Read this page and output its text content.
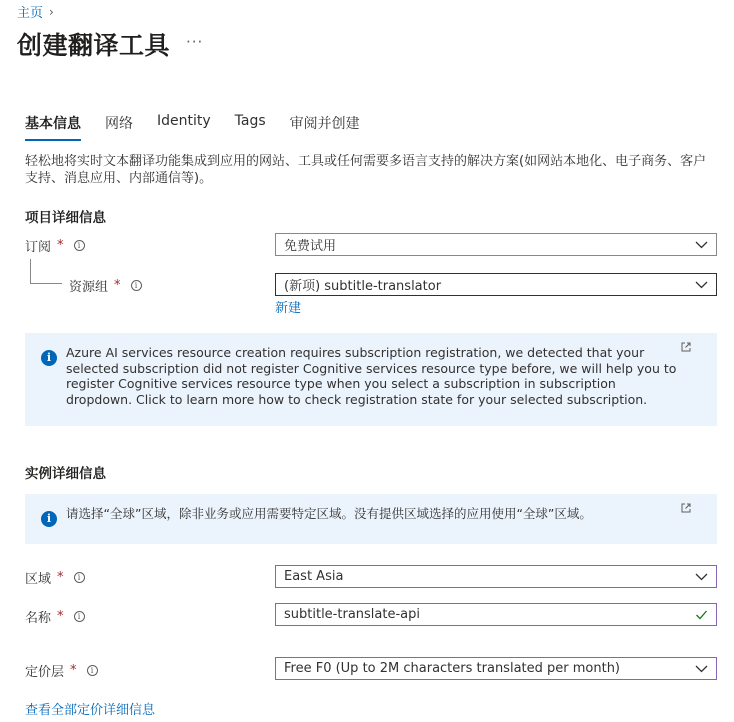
主页 ›
创建翻译工具 ···
基本信息 网络 Identity Tags 审阅并创建
轻松地将实时文本翻译功能集成到应用的网站、工具或任何需要多语言支持的解决方案(如网站本地化、电子商务、客户支持、消息应用、内部通信等)。
项目详细信息
订阅 *	i	免费试用
资源组 *	i	(新项) subtitle-translator
新建
i	Azure AI services resource creation requires subscription registration, we detected that your selected subscription did not register Cognitive services resource type before, we will help you to register Cognitive services resource type when you select a subscription in subscription dropdown. Click to learn more how to check registration state for your selected subscription.
实例详细信息
i	请选择“全球”区域，除非业务或应用需要特定区域。没有提供区域选择的应用使用“全球”区域。
区域 *	i	East Asia
名称 *	i	subtitle-translate-api
定价层 *	i	Free F0 (Up to 2M characters translated per month)
查看全部定价详细信息
